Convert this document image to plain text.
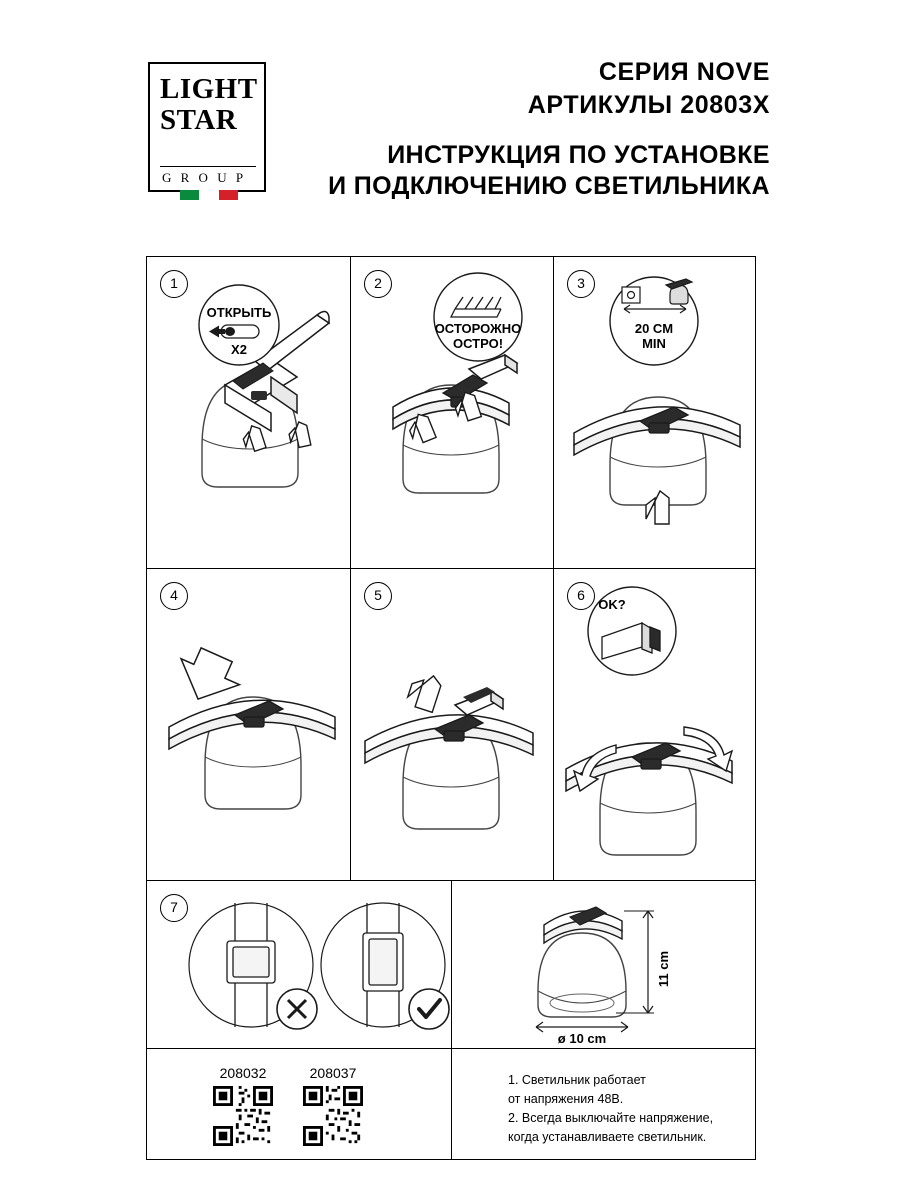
LIGHT
STAR
G R O U P
СЕРИЯ NOVE
АРТИКУЛЫ 20803X
ИНСТРУКЦИЯ ПО УСТАНОВКЕ
И ПОДКЛЮЧЕНИЮ СВЕТИЛЬНИКА
1
ОТКРЫТЬ
X2
2
ОСТОРОЖНО
ОСТРО!
3
20 CM
MIN
4	5	6
OK?
7
11 cm
ø 10 cm
208032	208037	1. Светильник работает
от напряжения 48В.
2. Всегда выключайте напряжение,
когда устанавливаете светильник.
